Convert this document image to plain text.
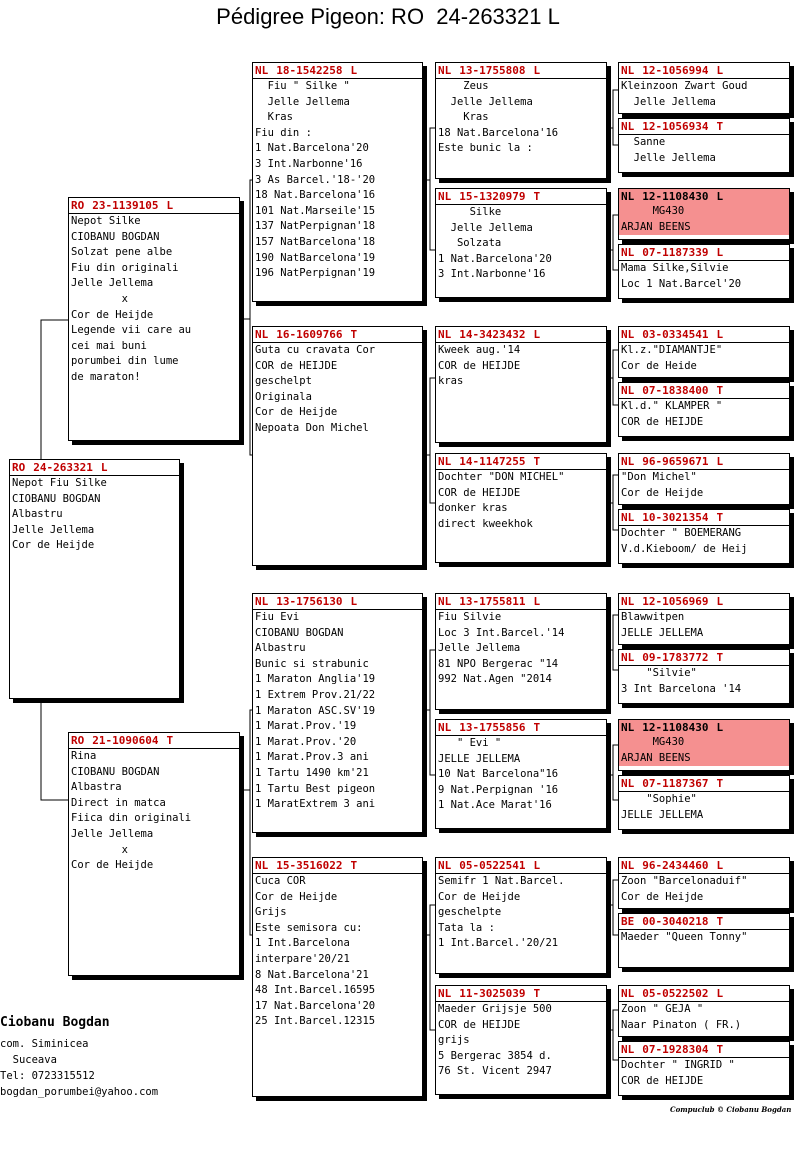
Pédigree Pigeon: RO  24-263321 L
RO 24-263321 L
Nepot Fiu Silke
CIOBANU BOGDAN
Albastru
Jelle Jellema
Cor de Heijde
RO 23-1139105 L
Nepot Silke
CIOBANU BOGDAN
Solzat pene albe
Fiu din originali
Jelle Jellema
x
Cor de Heijde
Legende vii care au
cei mai buni
porumbei din lume
de maraton!
RO 21-1090604 T
Rina
CIOBANU BOGDAN
Albastra
Direct in matca
Fiica din originali
Jelle Jellema
x
Cor de Heijde
NL 18-1542258 L
Fiu " Silke "
Jelle Jellema
Kras
Fiu din :
1 Nat.Barcelona'20
3 Int.Narbonne'16
3 As Barcel.'18-'20
18 Nat.Barcelona'16
101 Nat.Marseile'15
137 NatPerpignan'18
157 NatBarcelona'18
190 NatBarcelona'19
196 NatPerpignan'19
NL 16-1609766 T
Guta cu cravata Cor
COR de HEIJDE
geschelpt
Originala
Cor de Heijde
Nepoata Don Michel
NL 13-1756130 L
Fiu Evi
CIOBANU BOGDAN
Albastru
Bunic si strabunic
1 Maraton Anglia'19
1 Extrem Prov.21/22
1 Maraton ASC.SV'19
1 Marat.Prov.'19
1 Marat.Prov.'20
1 Marat.Prov.3 ani
1 Tartu 1490 km'21
1 Tartu Best pigeon
1 MaratExtrem 3 ani
NL 15-3516022 T
Cuca COR
Cor de Heijde
Grijs
Este semisora cu:
1 Int.Barcelona
interpare'20/21
8 Nat.Barcelona'21
48 Int.Barcel.16595
17 Nat.Barcelona'20
25 Int.Barcel.12315
NL 13-1755808 L
Zeus
Jelle Jellema
Kras
18 Nat.Barcelona'16
Este bunic la :
NL 15-1320979 T
Silke
Jelle Jellema
Solzata
1 Nat.Barcelona'20
3 Int.Narbonne'16
NL 14-3423432 L
Kweek aug.'14
COR de HEIJDE
kras
NL 14-1147255 T
Dochter "DON MICHEL"
COR de HEIJDE
donker kras
direct kweekhok
NL 13-1755811 L
Fiu Silvie
Loc 3 Int.Barcel.'14
Jelle Jellema
81 NPO Bergerac "14
992 Nat.Agen "2014
NL 13-1755856 T
" Evi "
JELLE JELLEMA
10 Nat Barcelona"16
9 Nat.Perpignan '16
1 Nat.Ace Marat'16
NL 05-0522541 L
Semifr 1 Nat.Barcel.
Cor de Heijde
geschelpte
Tata la :
1 Int.Barcel.'20/21
NL 11-3025039 T
Maeder Grijsje 500
COR de HEIJDE
grijs
5 Bergerac 3854 d.
76 St. Vicent 2947
NL 12-1056994 L
Kleinzoon Zwart Goud
Jelle Jellema
NL 12-1056934 T
Sanne
Jelle Jellema
NL 12-1108430 L
MG430
ARJAN BEENS
NL 07-1187339 L
Mama Silke,Silvie
Loc 1 Nat.Barcel'20
NL 03-0334541 L
Kl.z."DIAMANTJE"
Cor de Heide
NL 07-1838400 T
Kl.d." KLAMPER "
COR de HEIJDE
NL 96-9659671 L
"Don Michel"
Cor de Heijde
NL 10-3021354 T
Dochter " BOEMERANG
V.d.Kieboom/ de Heij
NL 12-1056969 L
Blawwitpen
JELLE JELLEMA
NL 09-1783772 T
"Silvie"
3 Int Barcelona '14
NL 12-1108430 L
MG430
ARJAN BEENS
NL 07-1187367 T
"Sophie"
JELLE JELLEMA
NL 96-2434460 L
Zoon "Barcelonaduif"
Cor de Heijde
BE 00-3040218 T
Maeder "Queen Tonny"
NL 05-0522502 L
Zoon " GEJA "
Naar Pinaton ( FR.)
NL 07-1928304 T
Dochter " INGRID "
COR de HEIJDE
Ciobanu Bogdan
com. Siminicea
Suceava
Tel: 0723315512
bogdan_porumbei@yahoo.com
Compuclub © Ciobanu Bogdan
